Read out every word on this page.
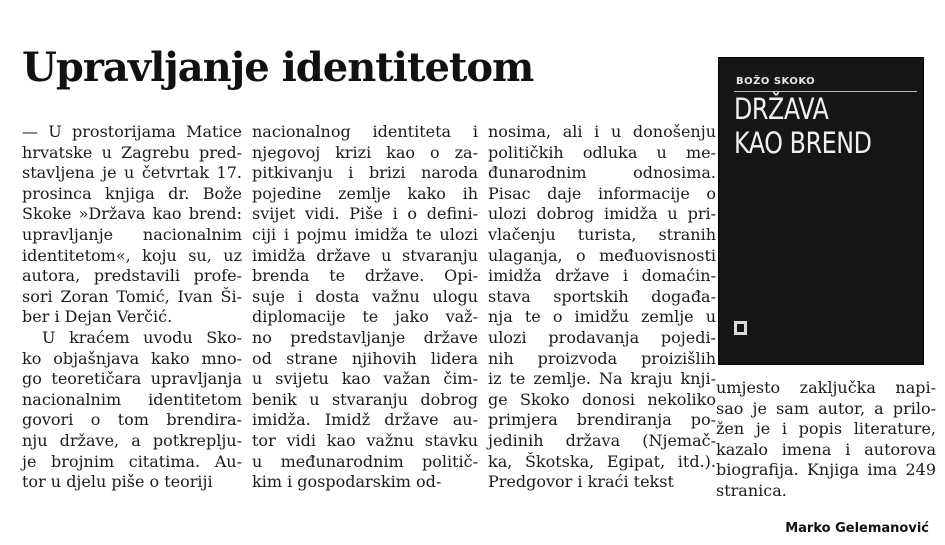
Upravljanje identitetom
— U prostorijama Matice
hrvatske u Zagrebu pred-
stavljena je u četvrtak 17.
prosinca knjiga dr. Bože
Skoke »Država kao brend:
upravljanje nacionalnim
identitetom«, koju su, uz
autora, predstavili profe-
sori Zoran Tomić, Ivan Ši-
ber i Dejan Verčić.
U kraćem uvodu Sko-
ko objašnjava kako mno-
go teoretičara upravljanja
nacionalnim identitetom
govori o tom brendira-
nju države, a potkreplju-
je brojnim citatima. Au-
tor u djelu piše o teoriji
nacionalnog identiteta i
njegovoj krizi kao o za-
pitkivanju i brizi naroda
pojedine zemlje kako ih
svijet vidi. Piše i o defini-
ciji i pojmu imidža te ulozi
imidža države u stvaranju
brenda te države. Opi-
suje i dosta važnu ulogu
diplomacije te jako važ-
no predstavljanje države
od strane njihovih lidera
u svijetu kao važan čim-
benik u stvaranju dobrog
imidža. Imidž države au-
tor vidi kao važnu stavku
u međunarodnim politič-
kim i gospodarskim od-
nosima, ali i u donošenju
političkih odluka u me-
đunarodnim odnosima.
Pisac daje informacije o
ulozi dobrog imidža u pri-
vlačenju turista, stranih
ulaganja, o međuovisnosti
imidža države i domaćin-
stava sportskih događa-
nja te o imidžu zemlje u
ulozi prodavanja pojedi-
nih proizvoda proizišlih
iz te zemlje. Na kraju knji-
ge Skoko donosi nekoliko
primjera brendiranja po-
jedinih država (Njemač-
ka, Škotska, Egipat, itd.).
Predgovor i kraći tekst
BOŽO SKOKO
DRŽAVA
KAO BREND
umjesto zaključka napi-
sao je sam autor, a prilo-
žen je i popis literature,
kazalo imena i autorova
biografija. Knjiga ima 249
stranica.
Marko Gelemanović
